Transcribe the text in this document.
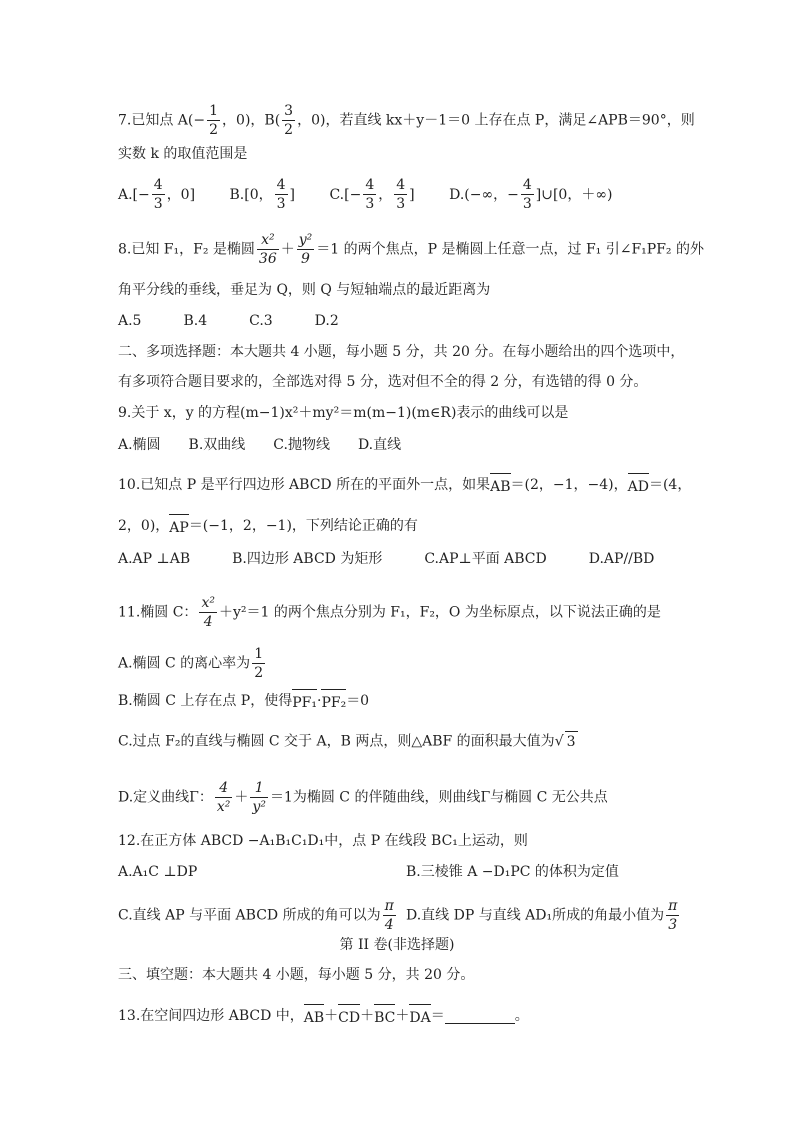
7.已知点 $A(- \frac{1}{2}$ ，0)，$B( \frac{3}{2}$ ，0)，若直线 kx＋y－1＝0 上存在点 P，满足∠APB＝90°，则
实数 k 的取值范围是
$A.[- \frac{4}{3}$ ，0] B.[0， $\frac{4}{3}$ ] $C.[- \frac{4}{3}$ ， $\frac{4}{3}$ ] D.(−∞，− $\frac{4}{3}$ ]∪[0，＋∞)
8.已知 F₁，F₂ 是椭圆 $\frac{\text{x²}}{36} + \frac{\text{y²}}{9} =1$ 的两个焦点，P 是椭圆上任意一点，过 F₁ 引∠F₁PF₂ 的外
角平分线的垂线，垂足为 Q，则 Q 与短轴端点的最近距离为
A.5　　　B.4　　　C.3　　　D.2
二、多项选择题：本大题共 4 小题，每小题 5 分，共 20 分。在每小题给出的四个选项中，
有多项符合题目要求的，全部选对得 5 分，选对但不全的得 2 分，有选错的得 0 分。
9.关于 x，y 的方程(m−1)x²＋my²＝m(m−1)(m∈R)表示的曲线可以是
A.椭圆　　B.双曲线　　C.抛物线　　D.直线
10.已知点 P 是平行四边形 ABCD 所在的平面外一点，如果AB＝(2，−1，−4)，AD＝(4，
2，0)，AP＝(−1，2，−1)，下列结论正确的有
A.AP ⊥AB　　　B.四边形 ABCD 为矩形　　　C.AP⊥平面 ABCD　　　D.AP//BD
11.椭圆 C： $\frac{\text{x²}}{4} +y^2=1$ 的两个焦点分别为 F₁，F₂，O 为坐标原点，以下说法正确的是
A.椭圆 C 的离心率为 $\frac{1}{2}$
B.椭圆 C 上存在点 P，使得PF₁·PF₂＝0
C.过点 F₂的直线与椭圆 C 交于 A，B 两点，则△ABF 的面积最大值为√ 3
D.定义曲线Γ： $\frac{4}{\text{x²}} + \frac{1}{\text{y²}} =1$为椭圆 C 的伴随曲线，则曲线Γ与椭圆 C 无公共点
12.在正方体 ABCD −A₁B₁C₁D₁中，点 P 在线段 BC₁上运动，则
A.A₁C ⊥DP	B.三棱锥 A −D₁PC 的体积为定值
C.直线 AP 与平面 ABCD 所成的角可以为 $\frac{\pi}{4} D$.直线 DP 与直线 AD₁所成的角最小值为 $\frac{\pi}{3}$
第 II 卷(非选择题)
三、填空题：本大题共 4 小题，每小题 5 分，共 20 分。
13.在空间四边形 ABCD 中，AB＋CD＋BC＋DA＝	。
